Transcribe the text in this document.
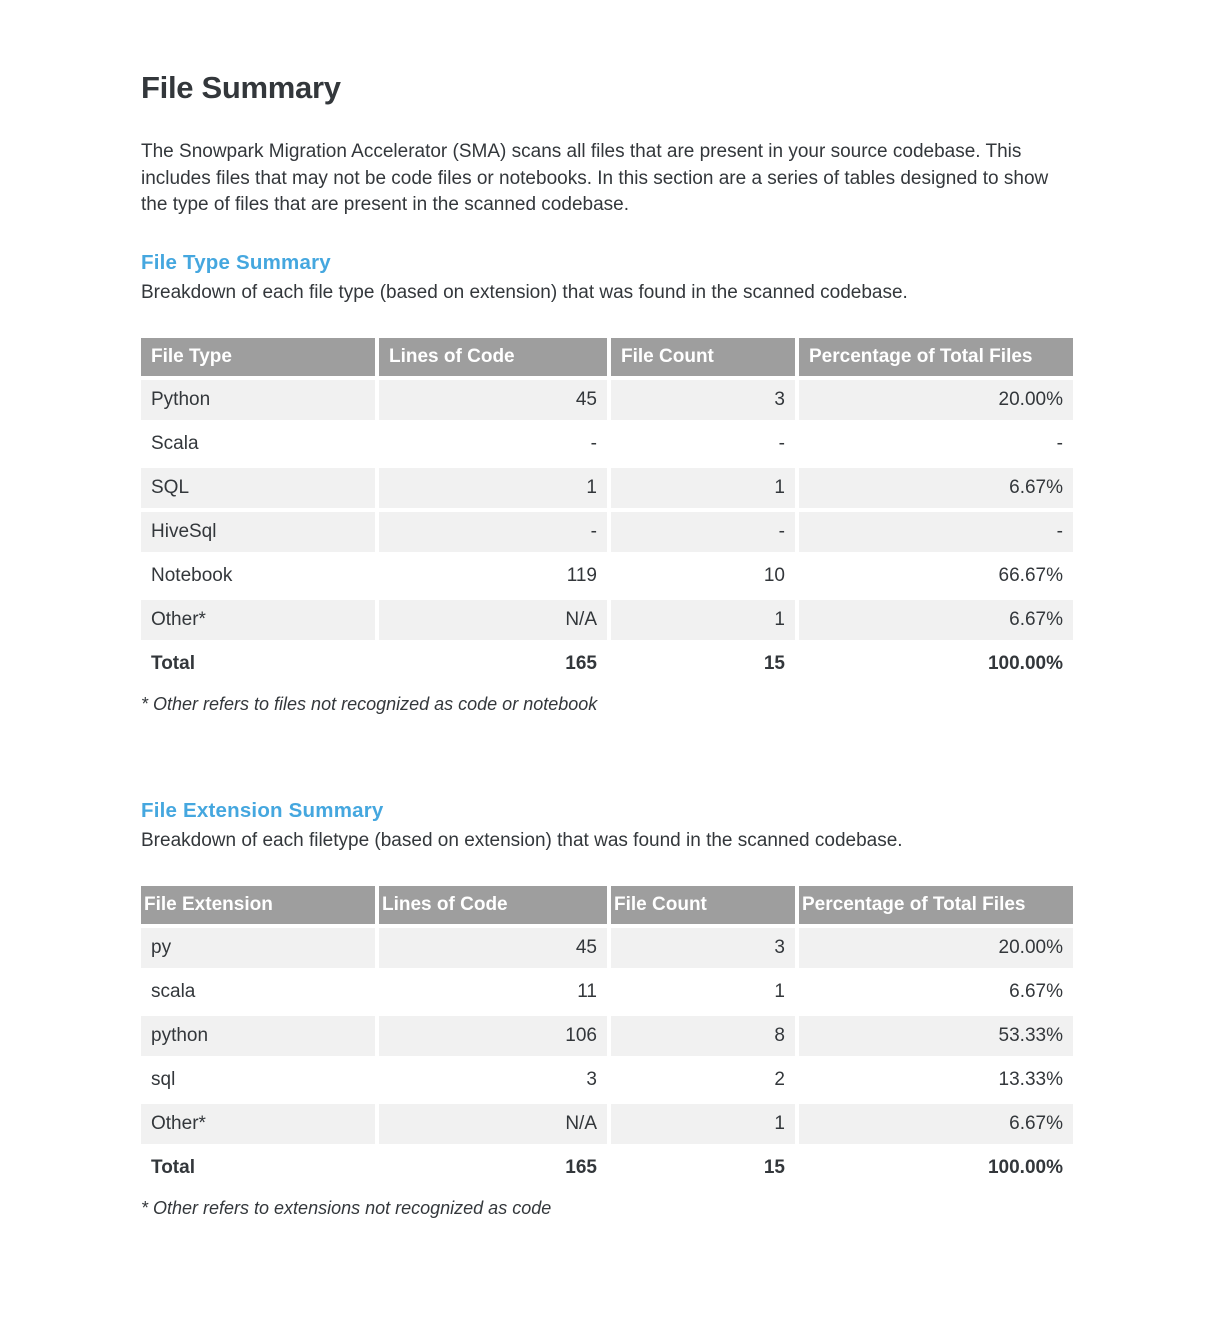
File Summary

The Snowpark Migration Accelerator (SMA) scans all files that are present in your source codebase. This includes files that may not be code files or notebooks. In this section are a series of tables designed to show the type of files that are present in the scanned codebase.

File Type Summary

Breakdown of each file type (based on extension) that was found in the scanned codebase.

File Type	Lines of Code	File Count	Percentage of Total Files
Python	45	3	20.00%
Scala	-	-	-
SQL	1	1	6.67%
HiveSql	-	-	-
Notebook	119	10	66.67%
Other*	N/A	1	6.67%
Total	165	15	100.00%

* Other refers to files not recognized as code or notebook

File Extension Summary

Breakdown of each filetype (based on extension) that was found in the scanned codebase.

File Extension	Lines of Code	File Count	Percentage of Total Files
py	45	3	20.00%
scala	11	1	6.67%
python	106	8	53.33%
sql	3	2	13.33%
Other*	N/A	1	6.67%
Total	165	15	100.00%

* Other refers to extensions not recognized as code
